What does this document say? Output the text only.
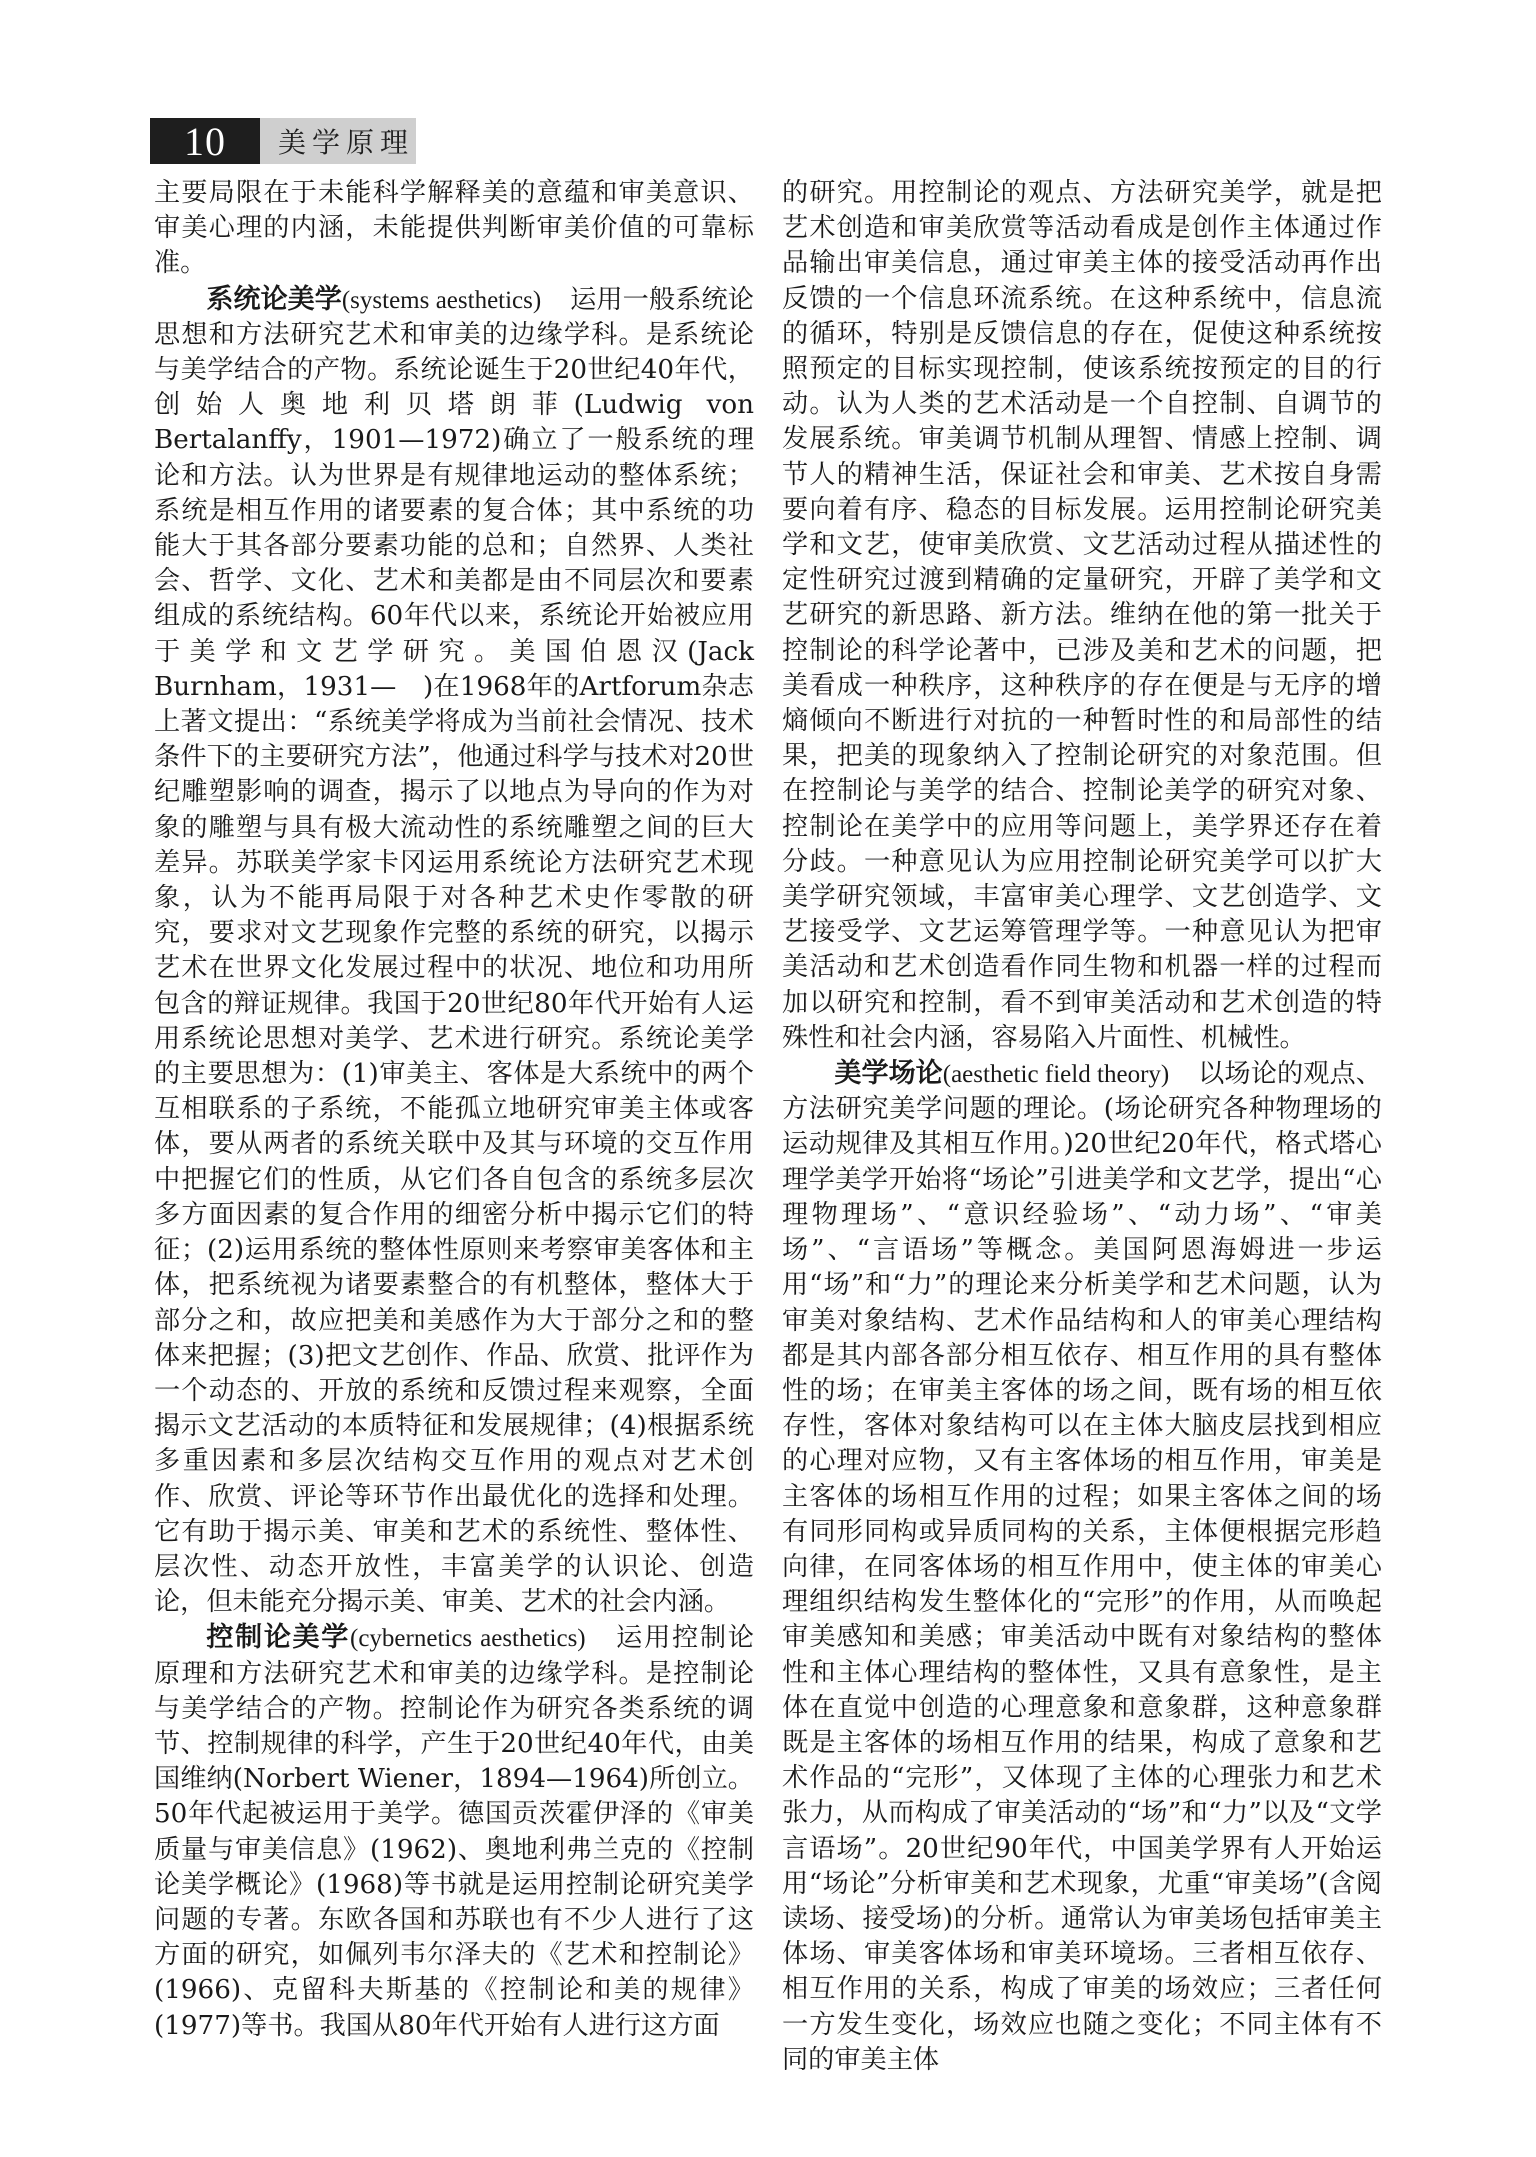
10	美学原理

主要局限在于未能科学解释美的意蕴和审美意识、审美心理的内涵，未能提供判断审美价值的可靠标准。

系统论美学(systems aesthetics) 运用一般系统论思想和方法研究艺术和审美的边缘学科。是系统论与美学结合的产物。系统论诞生于20世纪40年代，创始人奥地利贝塔朗菲(Ludwig von Bertalanffy，1901—1972)确立了一般系统的理论和方法。认为世界是有规律地运动的整体系统；系统是相互作用的诸要素的复合体；其中系统的功能大于其各部分要素功能的总和；自然界、人类社会、哲学、文化、艺术和美都是由不同层次和要素组成的系统结构。60年代以来，系统论开始被应用于美学和文艺学研究。美国伯恩汉(Jack Burnham，1931—　)在1968年的Artforum杂志上著文提出：“系统美学将成为当前社会情况、技术条件下的主要研究方法”，他通过科学与技术对20世纪雕塑影响的调查，揭示了以地点为导向的作为对象的雕塑与具有极大流动性的系统雕塑之间的巨大差异。苏联美学家卡冈运用系统论方法研究艺术现象，认为不能再局限于对各种艺术史作零散的研究，要求对文艺现象作完整的系统的研究，以揭示艺术在世界文化发展过程中的状况、地位和功用所包含的辩证规律。我国于20世纪80年代开始有人运用系统论思想对美学、艺术进行研究。系统论美学的主要思想为：(1)审美主、客体是大系统中的两个互相联系的子系统，不能孤立地研究审美主体或客体，要从两者的系统关联中及其与环境的交互作用中把握它们的性质，从它们各自包含的系统多层次多方面因素的复合作用的细密分析中揭示它们的特征；(2)运用系统的整体性原则来考察审美客体和主体，把系统视为诸要素整合的有机整体，整体大于部分之和，故应把美和美感作为大于部分之和的整体来把握；(3)把文艺创作、作品、欣赏、批评作为一个动态的、开放的系统和反馈过程来观察，全面揭示文艺活动的本质特征和发展规律；(4)根据系统多重因素和多层次结构交互作用的观点对艺术创作、欣赏、评论等环节作出最优化的选择和处理。它有助于揭示美、审美和艺术的系统性、整体性、层次性、动态开放性，丰富美学的认识论、创造论，但未能充分揭示美、审美、艺术的社会内涵。

控制论美学(cybernetics aesthetics) 运用控制论原理和方法研究艺术和审美的边缘学科。是控制论与美学结合的产物。控制论作为研究各类系统的调节、控制规律的科学，产生于20世纪40年代，由美国维纳(Norbert Wiener，1894—1964)所创立。50年代起被运用于美学。德国贡茨霍伊泽的《审美质量与审美信息》(1962)、奥地利弗兰克的《控制论美学概论》(1968)等书就是运用控制论研究美学问题的专著。东欧各国和苏联也有不少人进行了这方面的研究，如佩列韦尔泽夫的《艺术和控制论》(1966)、克留科夫斯基的《控制论和美的规律》(1977)等书。我国从80年代开始有人进行这方面

的研究。用控制论的观点、方法研究美学，就是把艺术创造和审美欣赏等活动看成是创作主体通过作品输出审美信息，通过审美主体的接受活动再作出反馈的一个信息环流系统。在这种系统中，信息流的循环，特别是反馈信息的存在，促使这种系统按照预定的目标实现控制，使该系统按预定的目的行动。认为人类的艺术活动是一个自控制、自调节的发展系统。审美调节机制从理智、情感上控制、调节人的精神生活，保证社会和审美、艺术按自身需要向着有序、稳态的目标发展。运用控制论研究美学和文艺，使审美欣赏、文艺活动过程从描述性的定性研究过渡到精确的定量研究，开辟了美学和文艺研究的新思路、新方法。维纳在他的第一批关于控制论的科学论著中，已涉及美和艺术的问题，把美看成一种秩序，这种秩序的存在便是与无序的增熵倾向不断进行对抗的一种暂时性的和局部性的结果，把美的现象纳入了控制论研究的对象范围。但在控制论与美学的结合、控制论美学的研究对象、控制论在美学中的应用等问题上，美学界还存在着分歧。一种意见认为应用控制论研究美学可以扩大美学研究领域，丰富审美心理学、文艺创造学、文艺接受学、文艺运筹管理学等。一种意见认为把审美活动和艺术创造看作同生物和机器一样的过程而加以研究和控制，看不到审美活动和艺术创造的特殊性和社会内涵，容易陷入片面性、机械性。

美学场论(aesthetic field theory) 以场论的观点、方法研究美学问题的理论。(场论研究各种物理场的运动规律及其相互作用。)20世纪20年代，格式塔心理学美学开始将“场论”引进美学和文艺学，提出“心理物理场”、“意识经验场”、“动力场”、“审美场”、“言语场”等概念。美国阿恩海姆进一步运用“场”和“力”的理论来分析美学和艺术问题，认为审美对象结构、艺术作品结构和人的审美心理结构都是其内部各部分相互依存、相互作用的具有整体性的场；在审美主客体的场之间，既有场的相互依存性，客体对象结构可以在主体大脑皮层找到相应的心理对应物，又有主客体场的相互作用，审美是主客体的场相互作用的过程；如果主客体之间的场有同形同构或异质同构的关系，主体便根据完形趋向律，在同客体场的相互作用中，使主体的审美心理组织结构发生整体化的“完形”的作用，从而唤起审美感知和美感；审美活动中既有对象结构的整体性和主体心理结构的整体性，又具有意象性，是主体在直觉中创造的心理意象和意象群，这种意象群既是主客体的场相互作用的结果，构成了意象和艺术作品的“完形”，又体现了主体的心理张力和艺术张力，从而构成了审美活动的“场”和“力”以及“文学言语场”。20世纪90年代，中国美学界有人开始运用“场论”分析审美和艺术现象，尤重“审美场”(含阅读场、接受场)的分析。通常认为审美场包括审美主体场、审美客体场和审美环境场。三者相互依存、相互作用的关系，构成了审美的场效应；三者任何一方发生变化，场效应也随之变化；不同主体有不同的审美主体
